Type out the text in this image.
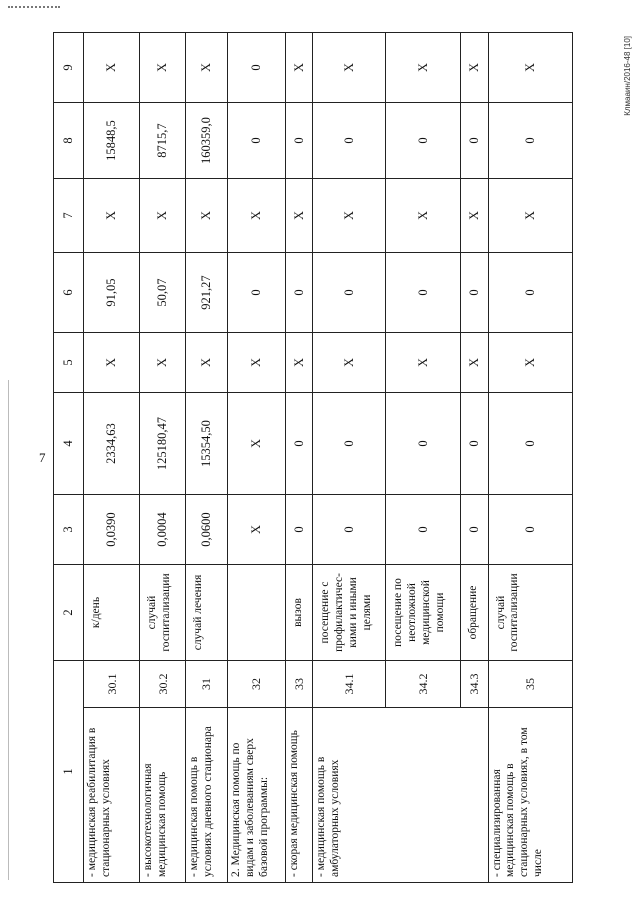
1		2	3	4	5	6	7	8	9
- медицинская реабилитация в стационарных условиях	30.1	к/день	0,0390	2334,63	Х	91,05	Х	15848,5	Х
- высокотехнологичная медицинская помощь	30.2	случай госпитализации	0,0004	125180,47	Х	50,07	Х	8715,7	Х
- медицинская помощь в условиях дневного стационара	31	случай лечения	0,0600	15354,50	Х	921,27	Х	160359,0	Х
2. Медицинская помощь по видам и заболеваниям сверх базовой программы:	32		Х	Х	Х	0	Х	0	0
- скорая медицинская помощь	33	вызов	0	0	Х	0	Х	0	Х
- медицинская помощь в амбулаторных условиях	34.1	посещение с профилактичес-кими и иными целями	0	0	Х	0	Х	0	Х
	34.2	посещение по неотложной медицинской помощи	0	0	Х	0	Х	0	Х
	34.3	обращение	0	0	Х	0	Х	0	Х
- специализированная медицинская помощь в стационарных условиях, в том числе	35	случай госпитализации	0	0	Х	0	Х	0	Х	Клмааин/2016-48 [10]
7
